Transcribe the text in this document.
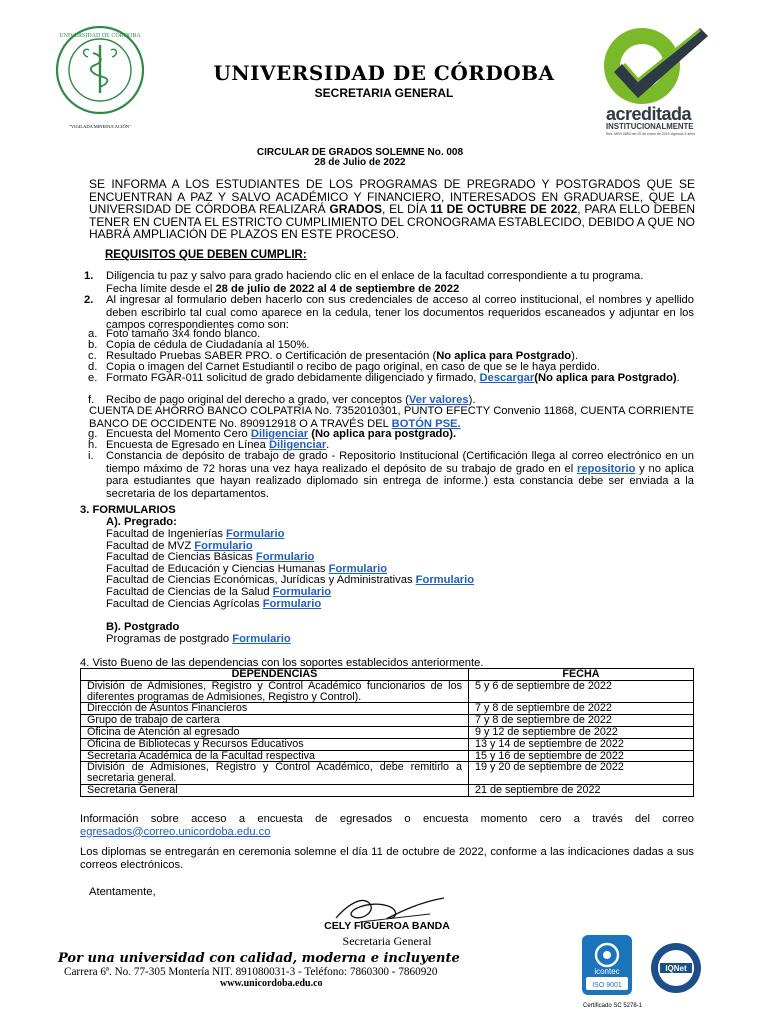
UNIVERSIDAD DE CÓRDOBA
"VIGILADA MINEDUCACIÓN"
UNIVERSIDAD DE CÓRDOBA
SECRETARIA GENERAL
acreditada
INSTITUCIONALMENTE
Res. MEN 0850 del 20 de enero de 2015 vigencia 4 años
CIRCULAR DE GRADOS SOLEMNE No. 008
28 de Julio de 2022
SE INFORMA A LOS ESTUDIANTES DE LOS PROGRAMAS DE PREGRADO Y POSTGRADOS QUE SE ENCUENTRAN A PAZ Y SALVO ACADÉMICO Y FINANCIERO, INTERESADOS EN GRADUARSE, QUE LA UNIVERSIDAD DE CÓRDOBA REALIZARÁ GRADOS, EL DÍA 11 DE OCTUBRE DE 2022, PARA ELLO DEBEN TENER EN CUENTA EL ESTRICTO CUMPLIMIENTO DEL CRONOGRAMA ESTABLECIDO, DEBIDO A QUE NO HABRÁ AMPLIACIÓN DE PLAZOS EN ESTE PROCESO.
REQUISITOS QUE DEBEN CUMPLIR:
1. Diligencia tu paz y salvo para grado haciendo clic en el enlace de la facultad correspondiente a tu programa.
Fecha límite desde el 28 de julio de 2022 al 4 de septiembre de 2022
2. Al ingresar al formulario deben hacerlo con sus credenciales de acceso al correo institucional, el nombres y apellido deben escribirlo tal cual como aparece en la cedula, tener los documentos requeridos escaneados y adjuntar en los campos correspondientes como son:
a. Foto tamaño 3x4 fondo blanco.
b. Copia de cédula de Ciudadanía al 150%.
c. Resultado Pruebas SABER PRO. o Certificación de presentación (No aplica para Postgrado).
d. Copia o imagen del Carnet Estudiantil o recibo de pago original, en caso de que se le haya perdido.
e. Formato FGAR-011 solicitud de grado debidamente diligenciado y firmado, Descargar(No aplica para Postgrado).
f. Recibo de pago original del derecho a grado, ver conceptos (Ver valores).
CUENTA DE AHORRO BANCO COLPATRIA No. 7352010301, PUNTO EFECTY Convenio 11868, CUENTA CORRIENTE BANCO DE OCCIDENTE No. 890912918 O A TRAVÉS DEL BOTÓN PSE.
g. Encuesta del Momento Cero Diligenciar (No aplica para postgrado).
h. Encuesta de Egresado en Línea Diligenciar.
i. Constancia de depósito de trabajo de grado - Repositorio Institucional (Certificación llega al correo electrónico en un tiempo máximo de 72 horas una vez haya realizado el depósito de su trabajo de grado en el repositorio y no aplica para estudiantes que hayan realizado diplomado sin entrega de informe.) esta constancia debe ser enviada a la secretaria de los departamentos.
3. FORMULARIOS
A). Pregrado:
Facultad de Ingenierías Formulario
Facultad de MVZ Formulario
Facultad de Ciencias Básicas Formulario
Facultad de Educación y Ciencias Humanas Formulario
Facultad de Ciencias Económicas, Jurídicas y Administrativas Formulario
Facultad de Ciencias de la Salud Formulario
Facultad de Ciencias Agrícolas Formulario
B). Postgrado
Programas de postgrado Formulario
4. Visto Bueno de las dependencias con los soportes establecidos anteriormente.
DEPENDENCIAS	FECHA
División de Admisiones, Registro y Control Académico funcionarios de los diferentes programas de Admisiones, Registro y Control).	5 y 6 de septiembre de 2022
Dirección de Asuntos Financieros	7 y 8 de septiembre de 2022
Grupo de trabajo de cartera	7 y 8 de septiembre de 2022
Oficina de Atención al egresado	9 y 12 de septiembre de 2022
Oficina de Bibliotecas y Recursos Educativos	13 y 14 de septiembre de 2022
Secretaria Académica de la Facultad respectiva	15 y 16 de septiembre de 2022
División de Admisiones, Registro y Control Académico, debe remitirlo a secretaria general.	19 y 20 de septiembre de 2022
Secretaria General	21 de septiembre de 2022
Información sobre acceso a encuesta de egresados o encuesta momento cero a través del correo egresados@correo.unicordoba.edu.co
Los diplomas se entregarán en ceremonia solemne el día 11 de octubre de 2022, conforme a las indicaciones dadas a sus correos electrónicos.
Atentamente,
CELY FIGUEROA BANDA
Secretaria General
Por una universidad con calidad, moderna e incluyente
Carrera 6ª. No. 77-305 Montería NIT. 891080031-3 - Teléfono: 7860300 - 7860920
www.unicordoba.edu.co
icontec
ISO 9001
IQNet
Certificado SC 5278-1
